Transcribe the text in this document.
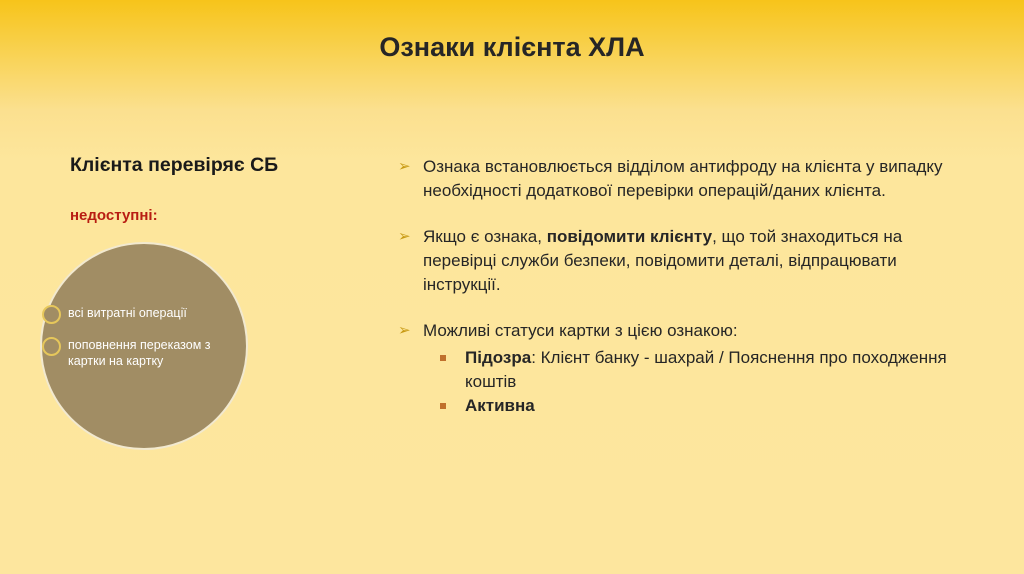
Ознаки клієнта ХЛА
Клієнта перевіряє СБ
недоступні:
всі витратні операції
поповнення переказом з картки на картку
➢ Ознака встановлюється відділом антифроду на клієнта у випадку необхідності додаткової перевірки операцій/даних клієнта.
➢ Якщо є ознака, повідомити клієнту, що той знаходиться на перевірці служби безпеки, повідомити деталі, відпрацювати інструкції.
➢ Можливі статуси картки з цією ознакою:
Підозра: Клієнт банку - шахрай / Пояснення про походження коштів
Активна
